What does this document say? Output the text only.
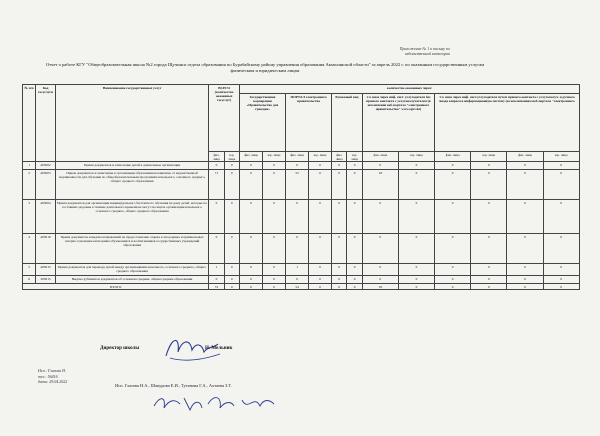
Приложение № 1 к письму по
ведомственной категории
Отчет о работе КГУ "Общеобразовательная школа №2 города Щучинск отдела образования по Бурабайскому району управления образования Акмолинской области" за апрель 2022 г. по оказанным государственным услугам физическим и юридическим лицам
№ п/п	Код госуслуги	Наименование государственных услуг	ВСЕГО (количество оказанных госуслуг)		количество оказанных через:											
					Государственная корпорация «Правительство для граждан»		ПОРТАЛ электронного правительства		Бумажный вид		т.ч. виза через инф. сист. услугодателя без прямого контакта с услугополучателем (в исключение веб-портала "электронного правительства" www.egov.kz)		т.ч. виза через инф. сист.услугодателя путем прямого контакта с услугополуч. и ручного ввода запроса в информационную систему (за исключением веб-портала "электронного			
			физ. лица	юр. лица	физ. лица	юр. лица	физ. лица	юр. лица	физ. лица	юр. лица	физ. лица	юр. лица	физ. лица	юр. лица	физ. лица	юр. лица
1	403002	Прием документов и зачисление детей в дошкольные организации	0	0	0	0	0	0	0	0	0	0	0	0	0	0
2	403003	Прием документов и зачисление в организации образования независимо от ведомственной подчиненности для обучения по общеобразовательным программам начального, основного среднего, общего среднего образования	71	0	0	0	53	0	0	0	18	0	0	0	0	0
3	403004	Прием документов для организации индивидуального бесплатного обучения на дому детей, которые по состоянию здоровья в течение длительного времени не могут посещать организации начального, основного среднего, общего среднего образования	0	0	0	0	0	0	0	0	0	0	0	0	0	0
4	403019	Прием документов и выдача направлений на предоставление отдыха в загородных и пришкольных лагерях отдельным категориям обучающихся и воспитанников государственных учреждений образования	0	0	0	0	0	0	0	0	0	0	0	0	0	0
5	403015	Прием документов для перевода детей между организациями начального, основного среднего, общего среднего образования	1	0	0	0	1	0	0	0	0	0	0	0	0	0
6	303015	Выдача дубликатов документов об основном среднем, общем среднем образовании	0	0	0	0	0	0	0	0	0	0	0	0	0	0
ИТОГО			72	0	0	0	54	0	0	0	18	0	0	0	0	0
Директор школы	Н. Мельник
Исп.: Глазова Н.
тел.: 56416
дата: 29.04.2022
Исп. Глазова Н.А., Шакурова Е.И., Тутанова Г.А., Алтаева З.Т.
